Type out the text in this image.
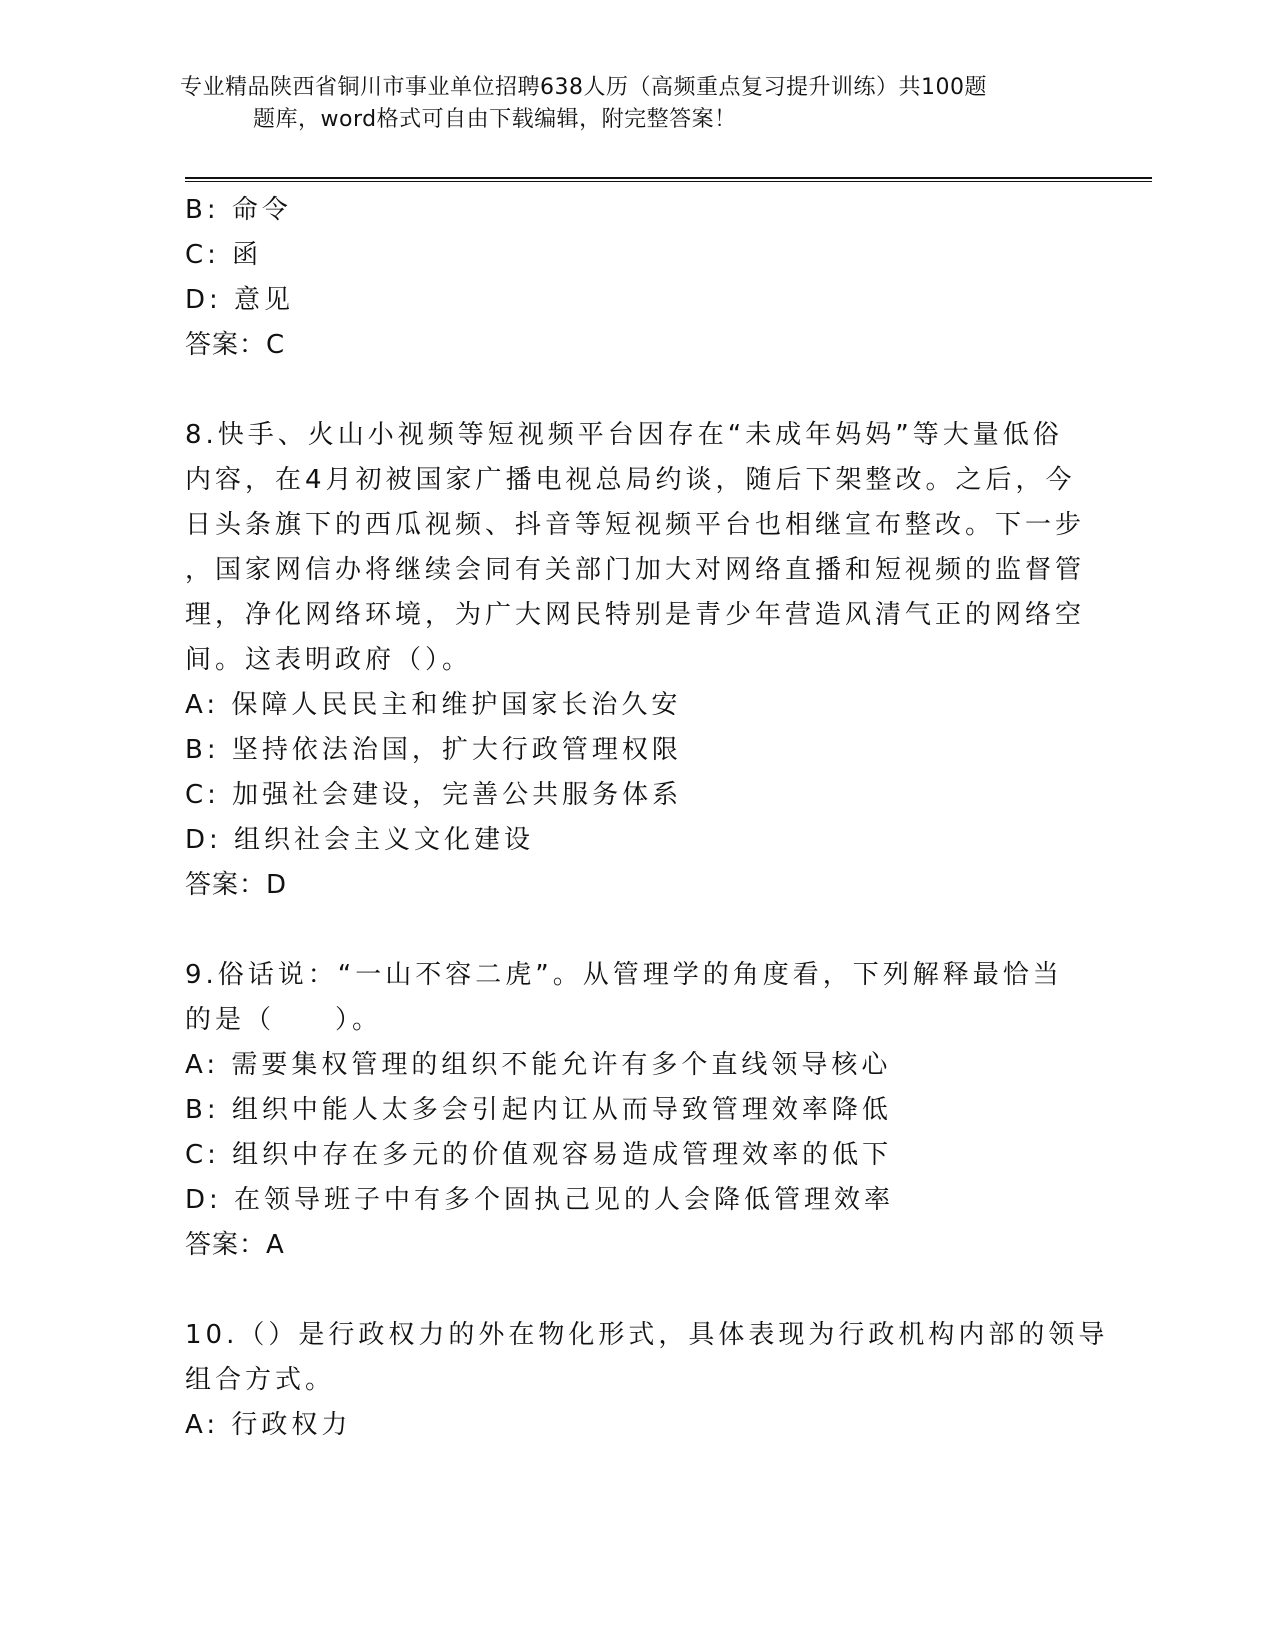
专业精品陕西省铜川市事业单位招聘638人历（高频重点复习提升训练）共100题
题库，word格式可自由下载编辑，附完整答案！
B: 命令
C: 函
D: 意见
答案：C
8.快手、火山小视频等短视频平台因存在“未成年妈妈”等大量低俗
内容，在4月初被国家广播电视总局约谈，随后下架整改。之后，今
日头条旗下的西瓜视频、抖音等短视频平台也相继宣布整改。下一步
，国家网信办将继续会同有关部门加大对网络直播和短视频的监督管
理，净化网络环境，为广大网民特别是青少年营造风清气正的网络空
间。这表明政府（）。
A: 保障人民民主和维护国家长治久安
B: 坚持依法治国，扩大行政管理权限
C: 加强社会建设，完善公共服务体系
D: 组织社会主义文化建设
答案：D
9.俗话说：“一山不容二虎”。从管理学的角度看，下列解释最恰当
的是（　　）。
A: 需要集权管理的组织不能允许有多个直线领导核心
B: 组织中能人太多会引起内讧从而导致管理效率降低
C: 组织中存在多元的价值观容易造成管理效率的低下
D: 在领导班子中有多个固执己见的人会降低管理效率
答案：A
10.（）是行政权力的外在物化形式，具体表现为行政机构内部的领导
组合方式。
A: 行政权力
